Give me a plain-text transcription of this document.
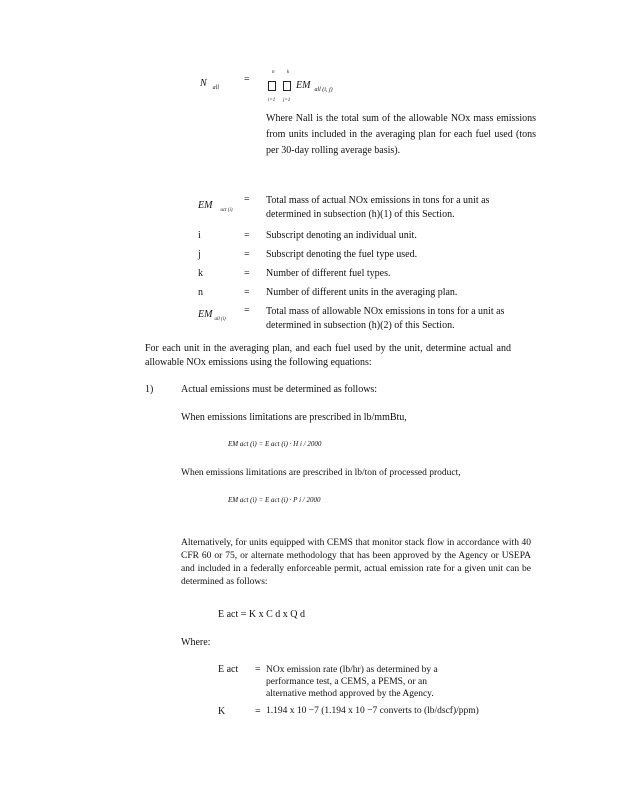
N $_{all}$
=
n	k
EM $_{all (i, j)}$
i=1 j=1
Where Nall is the total sum of the allowable NOx mass emissions from units included in the averaging plan for each fuel used (tons per 30-day rolling average basis).
EM $_{act (i)}$
= Total mass of actual NOx emissions in tons for a unit as determined in subsection (h)(1) of this Section.
i	= Subscript denoting an individual unit.
j	= Subscript denoting the fuel type used.
k	= Number of different fuel types.
n	= Number of different units in the averaging plan.
EM $_{all (i)}$
= Total mass of allowable NOx emissions in tons for a unit as determined in subsection (h)(2) of this Section.
For each unit in the averaging plan, and each fuel used by the unit, determine actual and allowable NOx emissions using the following equations:
1)	Actual emissions must be determined as follows:
When emissions limitations are prescribed in lb/mmBtu,
EM act (i) = E act (i) · H i / 2000
When emissions limitations are prescribed in lb/ton of processed product,
EM act (i) = E act (i) · P i / 2000
Alternatively, for units equipped with CEMS that monitor stack flow in accordance with 40 CFR 60 or 75, or alternate methodology that has been approved by the Agency or USEPA and included in a federally enforceable permit, actual emission rate for a given unit can be determined as follows:
E act = K x C d x Q d
Where:
E act = NOx emission rate (lb/hr) as determined by a performance test, a CEMS, a PEMS, or an alternative method approved by the Agency.
K	= 1.194 x 10 −7 (1.194 x 10 −7 converts to (lb/dscf)/ppm)
